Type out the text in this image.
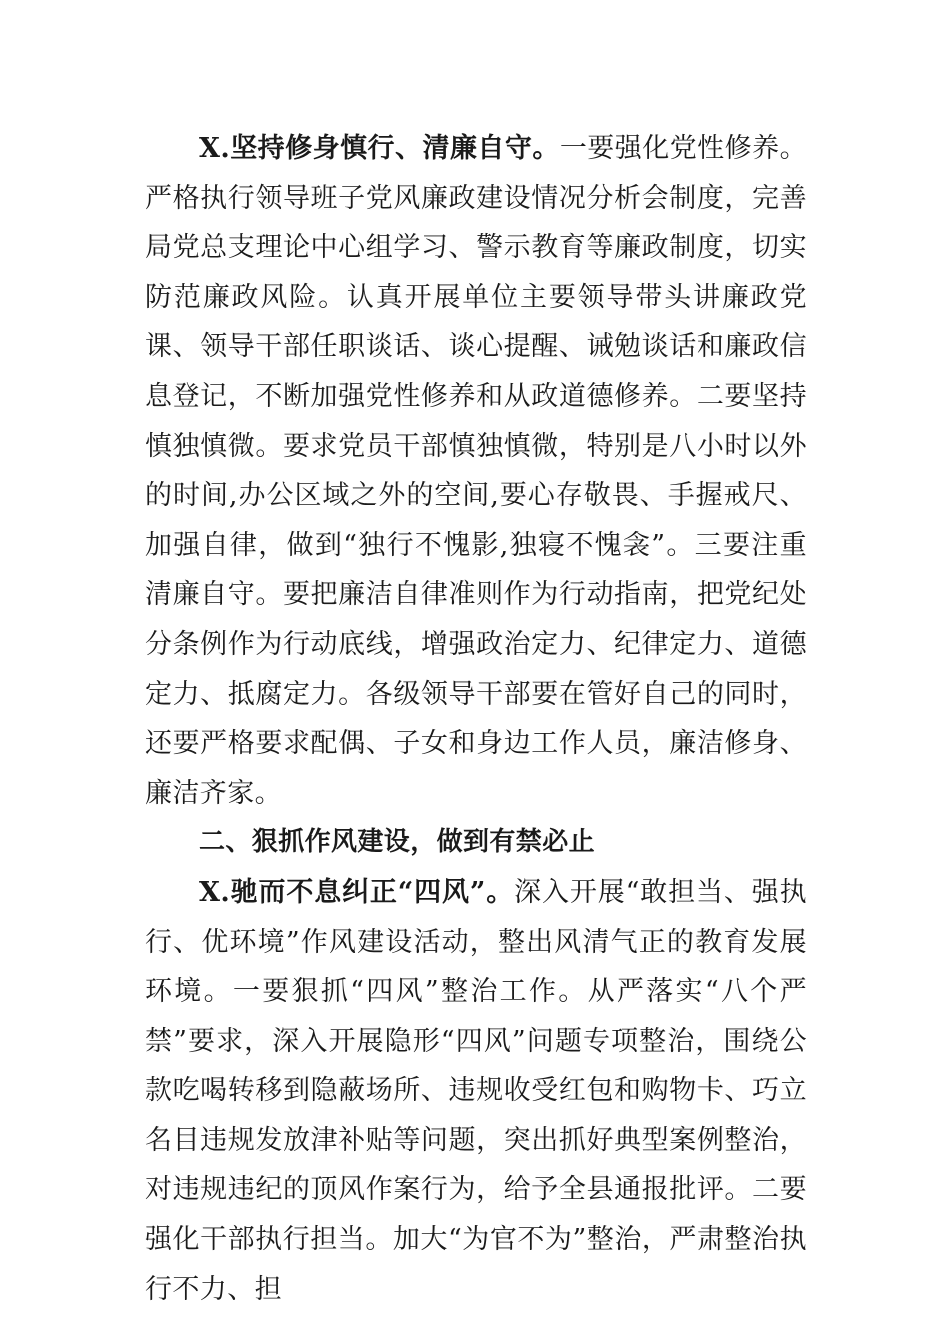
X.坚持修身慎行、清廉自守。一要强化党性修养。严格执行领导班子党风廉政建设情况分析会制度，完善局党总支理论中心组学习、警示教育等廉政制度，切实防范廉政风险。认真开展单位主要领导带头讲廉政党课、领导干部任职谈话、谈心提醒、诫勉谈话和廉政信息登记，不断加强党性修养和从政道德修养。二要坚持慎独慎微。要求党员干部慎独慎微，特别是八小时以外的时间,办公区域之外的空间,要心存敬畏、手握戒尺、加强自律，做到“独行不愧影,独寝不愧衾”。三要注重清廉自守。要把廉洁自律准则作为行动指南，把党纪处分条例作为行动底线，增强政治定力、纪律定力、道德定力、抵腐定力。各级领导干部要在管好自己的同时，还要严格要求配偶、子女和身边工作人员，廉洁修身、廉洁齐家。

二、狠抓作风建设，做到有禁必止

X.驰而不息纠正“四风”。深入开展“敢担当、强执行、优环境”作风建设活动，整出风清气正的教育发展环境。一要狠抓“四风”整治工作。从严落实“八个严禁”要求，深入开展隐形“四风”问题专项整治，围绕公款吃喝转移到隐蔽场所、违规收受红包和购物卡、巧立名目违规发放津补贴等问题，突出抓好典型案例整治，对违规违纪的顶风作案行为，给予全县通报批评。二要强化干部执行担当。加大“为官不为”整治，严肃整治执行不力、担
